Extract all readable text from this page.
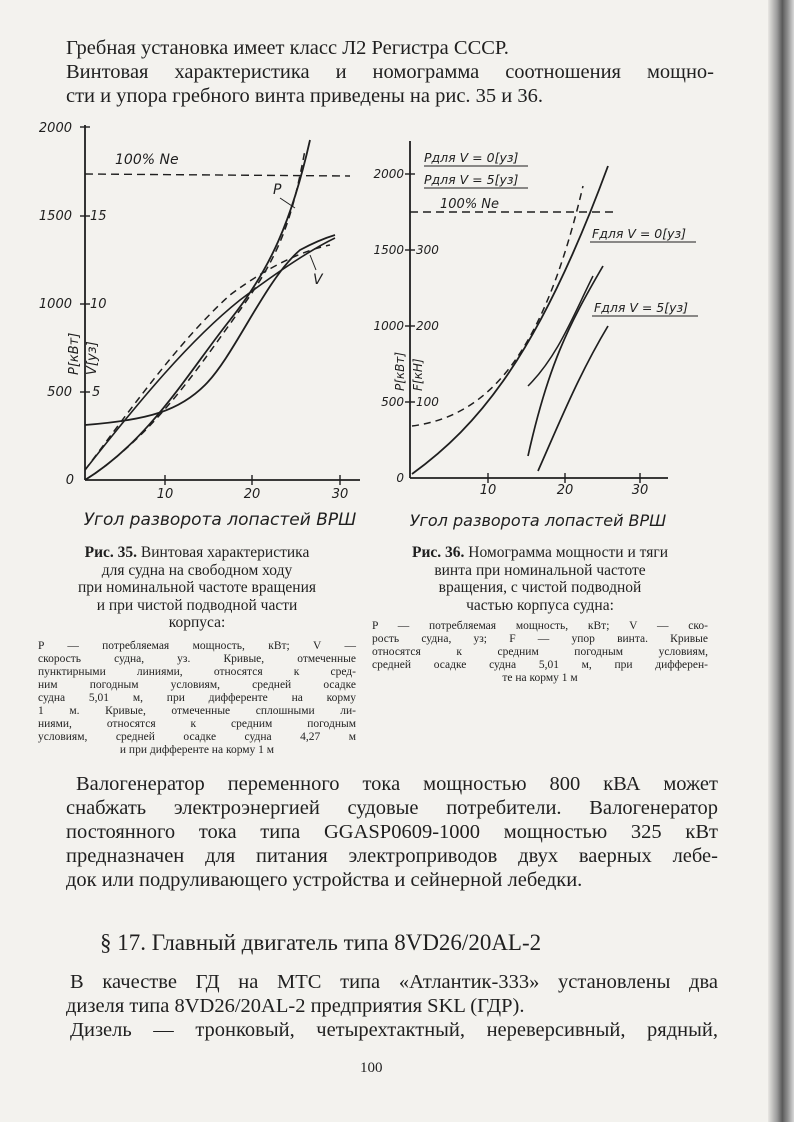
Гребная установка имеет класс Л2 Регистра СССР.
Винтовая характеристика и номограмма соотношения мощно-
сти и упора гребного винта приведены на рис. 35 и 36.
2000
1500
1000
500
0
15
10
5
P[кВт] V[уз]
10	20	30
Угол разворота лопастей ВРШ
100% Ne
P
V
2000
1500
1000
500
0
300
200
100
P[кВт] F[кН]
10	20	30
Угол разворота лопастей ВРШ
100% Ne
Pдля V = 0[уз]
Pдля V = 5[уз]
Fдля V = 0[уз]
Fдля V = 5[уз]
Рис. 35. Винтовая характеристика
для судна на свободном ходу
при номинальной частоте вращения
и при чистой подводной части
корпуса:
P — потребляемая мощность, кВт; V —
скорость судна, уз. Кривые, отмеченные
пунктирными линиями, относятся к сред-
ним погодным условиям, средней осадке
судна 5,01 м, при дифференте на корму
1 м. Кривые, отмеченные сплошными ли-
ниями, относятся к средним погодным
условиям, средней осадке судна 4,27 м
и при дифференте на корму 1 м
Рис. 36. Номограмма мощности и тяги
винта при номинальной частоте
вращения, с чистой подводной
частью корпуса судна:
P — потребляемая мощность, кВт; V — ско-
рость судна, уз; F — упор винта. Кривые
относятся к средним погодным условиям,
средней осадке судна 5,01 м, при дифферен-
те на корму 1 м
Валогенератор переменного тока мощностью 800 кВА может
снабжать электроэнергией судовые потребители. Валогенератор
постоянного тока типа GGASP0609-1000 мощностью 325 кВт
предназначен для питания электроприводов двух ваерных лебе-
док или подруливающего устройства и сейнерной лебедки.
§ 17. Главный двигатель типа 8VD26/20AL-2
В качестве ГД на МТС типа «Атлантик-333» установлены два
дизеля типа 8VD26/20AL-2 предприятия SKL (ГДР).
Дизель — тронковый, четырехтактный, нереверсивный, рядный,
100
